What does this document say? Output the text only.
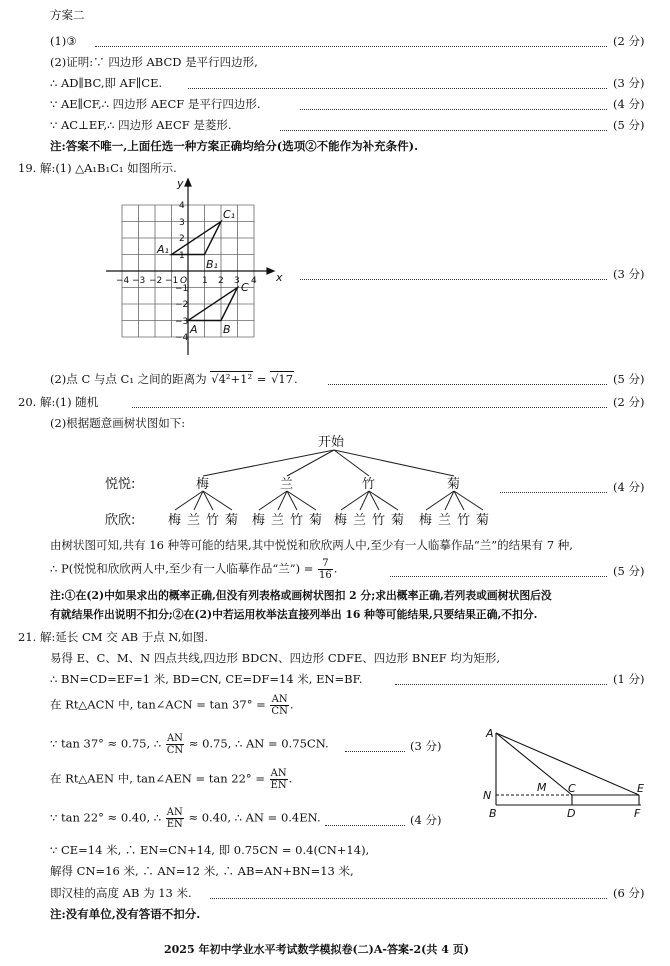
方案二
(1)③	(2 分)
(2)证明:∵ 四边形 ABCD 是平行四边形,
∴ AD∥BC,即 AF∥CE.	(3 分)
∵ AE∥CF,∴ 四边形 AECF 是平行四边形.	(4 分)
∵ AC⊥EF,∴ 四边形 AECF 是菱形.	(5 分)
注:答案不唯一,上面任选一种方案正确均给分(选项②不能作为补充条件).
19. 解:(1) △A₁B₁C₁ 如图所示.
x
y
−4 −3 −2 −1 O 1 2 3 4
4
3
2
1
−1
−2
−3
−4
A₁
B₁
C₁
A B
C
(3 分)
(2)点 C 与点 C₁ 之间的距离为 √4²+1² = √17.	(5 分)
20. 解:(1) 随机	(2 分)
(2)根据题意画树状图如下:
开始
悦悦:
欣欣:
梅	兰	竹	菊
梅 兰 竹 菊 梅 兰 竹 菊 梅 兰 竹 菊 梅 兰 竹 菊
(4 分)
由树状图可知,共有 16 种等可能的结果,其中悦悦和欣欣两人中,至少有一人临摹作品“兰”的结果有 7 种,
∴ P(悦悦和欣欣两人中,至少有一人临摹作品“兰”) = $\frac{7}{16}$ .	(5 分)
注:①在(2)中如果求出的概率正确,但没有列表格或画树状图扣 2 分;求出概率正确,若列表或画树状图后没
有就结果作出说明不扣分;②在(2)中若运用枚举法直接列举出 16 种等可能结果,只要结果正确,不扣分.
21. 解:延长 CM 交 AB 于点 N,如图.
易得 E、C、M、N 四点共线,四边形 BDCN、四边形 CDFE、四边形 BNEF 均为矩形,
∴ BN=CD=EF=1 米, BD=CN, CE=DF=14 米, EN=BF.	(1 分)
在 Rt△ACN 中, tan∠ACN = $\tan 37^\circ = \frac{AN}{CN}$ .
∵ tan 37° ≈ 0.75, ∴ $\frac{AN}{CN} \approx 0.75$, ∴ AN = 0.75CN.	(3 分)
在 Rt△AEN 中, tan∠AEN = $\tan 22^\circ = \frac{AN}{EN}$ .
∵ tan 22° ≈ 0.40, ∴ $\frac{AN}{EN} \approx 0.40$, ∴ AN = 0.4EN.	(4 分)
A
N
M C	E
B	D	F
∵ CE=14 米, ∴ EN=CN+14, 即 0.75CN = 0.4(CN+14),
解得 CN=16 米, ∴ AN=12 米, ∴ AB=AN+BN=13 米,
即汉桂的高度 AB 为 13 米.	(6 分)
注:没有单位,没有答语不扣分.
2025 年初中学业水平考试数学模拟卷(二)A-答案-2(共 4 页)
